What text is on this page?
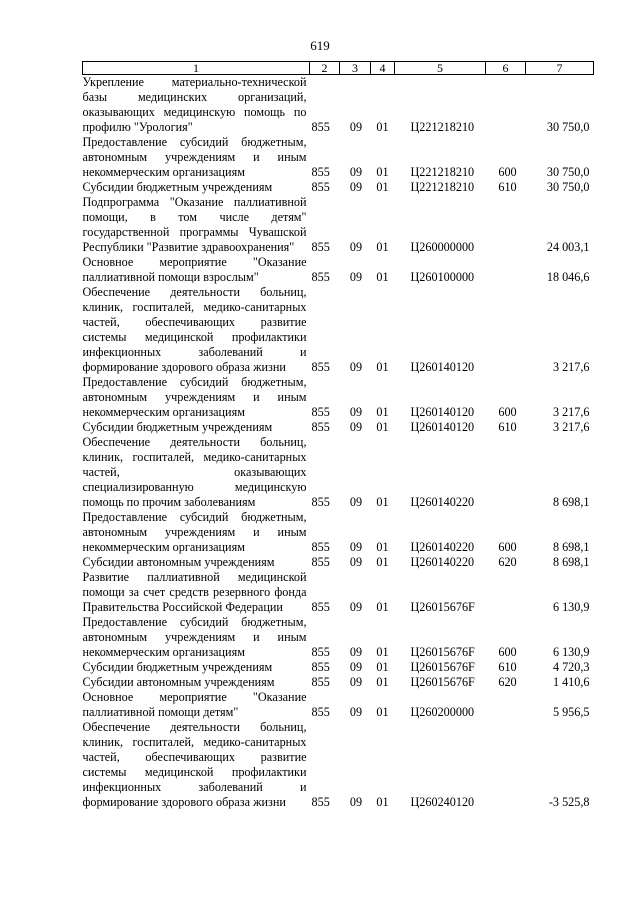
619
1	2	3	4	5	6	7

Укрепление материально-технической базы медицинских организаций, оказывающих медицинскую помощь по профилю "Урология"	855	09	01	Ц221218210		30 750,0

Предоставление субсидий бюджетным, автономным учреждениям и иным некоммерческим организациям	855	09	01	Ц221218210	600	30 750,0

Субсидии бюджетным учреждениям	855	09	01	Ц221218210	610	30 750,0

Подпрограмма "Оказание паллиативной помощи, в том числе детям" государственной программы Чувашской Республики "Развитие здравоохранения"	855	09	01	Ц260000000		24 003,1

Основное мероприятие "Оказание паллиативной помощи взрослым"	855	09	01	Ц260100000		18 046,6

Обеспечение деятельности больниц, клиник, госпиталей, медико-санитарных частей, обеспечивающих развитие системы медицинской профилактики инфекционных заболеваний и формирование здорового образа жизни	855	09	01	Ц260140120		3 217,6

Предоставление субсидий бюджетным, автономным учреждениям и иным некоммерческим организациям	855	09	01	Ц260140120	600	3 217,6

Субсидии бюджетным учреждениям	855	09	01	Ц260140120	610	3 217,6

Обеспечение деятельности больниц, клиник, госпиталей, медико-санитарных частей, оказывающих специализированную медицинскую помощь по прочим заболеваниям	855	09	01	Ц260140220		8 698,1

Предоставление субсидий бюджетным, автономным учреждениям и иным некоммерческим организациям	855	09	01	Ц260140220	600	8 698,1

Субсидии автономным учреждениям	855	09	01	Ц260140220	620	8 698,1

Развитие паллиативной медицинской помощи за счет средств резервного фонда Правительства Российской Федерации	855	09	01	Ц26015676F		6 130,9

Предоставление субсидий бюджетным, автономным учреждениям и иным некоммерческим организациям	855	09	01	Ц26015676F	600	6 130,9

Субсидии бюджетным учреждениям	855	09	01	Ц26015676F	610	4 720,3

Субсидии автономным учреждениям	855	09	01	Ц26015676F	620	1 410,6

Основное мероприятие "Оказание паллиативной помощи детям"	855	09	01	Ц260200000		5 956,5

Обеспечение деятельности больниц, клиник, госпиталей, медико-санитарных частей, обеспечивающих развитие системы медицинской профилактики инфекционных заболеваний и формирование здорового образа жизни	855	09	01	Ц260240120		-3 525,8
